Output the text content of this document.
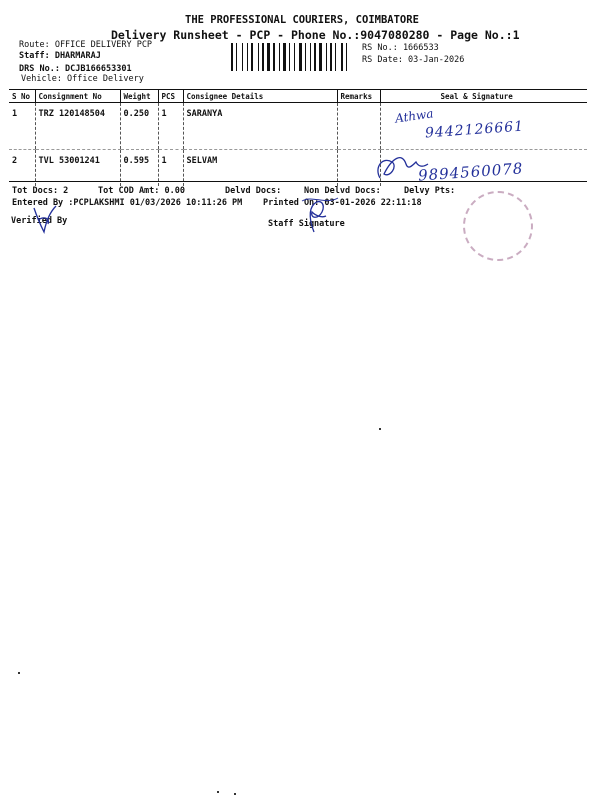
THE PROFESSIONAL COURIERS, COIMBATORE
Delivery Runsheet - PCP - Phone No.:9047080280 - Page No.:1
Route: OFFICE DELIVERY PCP
Staff: DHARMARAJ
DRS No.: DCJB166653301
Vehicle: Office Delivery
RS No.: 1666533
RS Date: 03-Jan-2026
S No	Consignment No	Weight	PCS	Consignee Details	Remarks	Seal & Signature
1	TRZ 120148504	0.250	1	SARANYA		
2	TVL 53001241	0.595	1	SELVAM		
Athwa
9442126661
9894560078
Tot Docs: 2	Tot COD Amt: 0.00	Delvd Docs:	Non Delvd Docs:	Delvy Pts:
Entered By :PCPLAKSHMI 01/03/2026 10:11:26 PM Printed On: 03-01-2026 22:11:18
Verified By	Staff Signature
